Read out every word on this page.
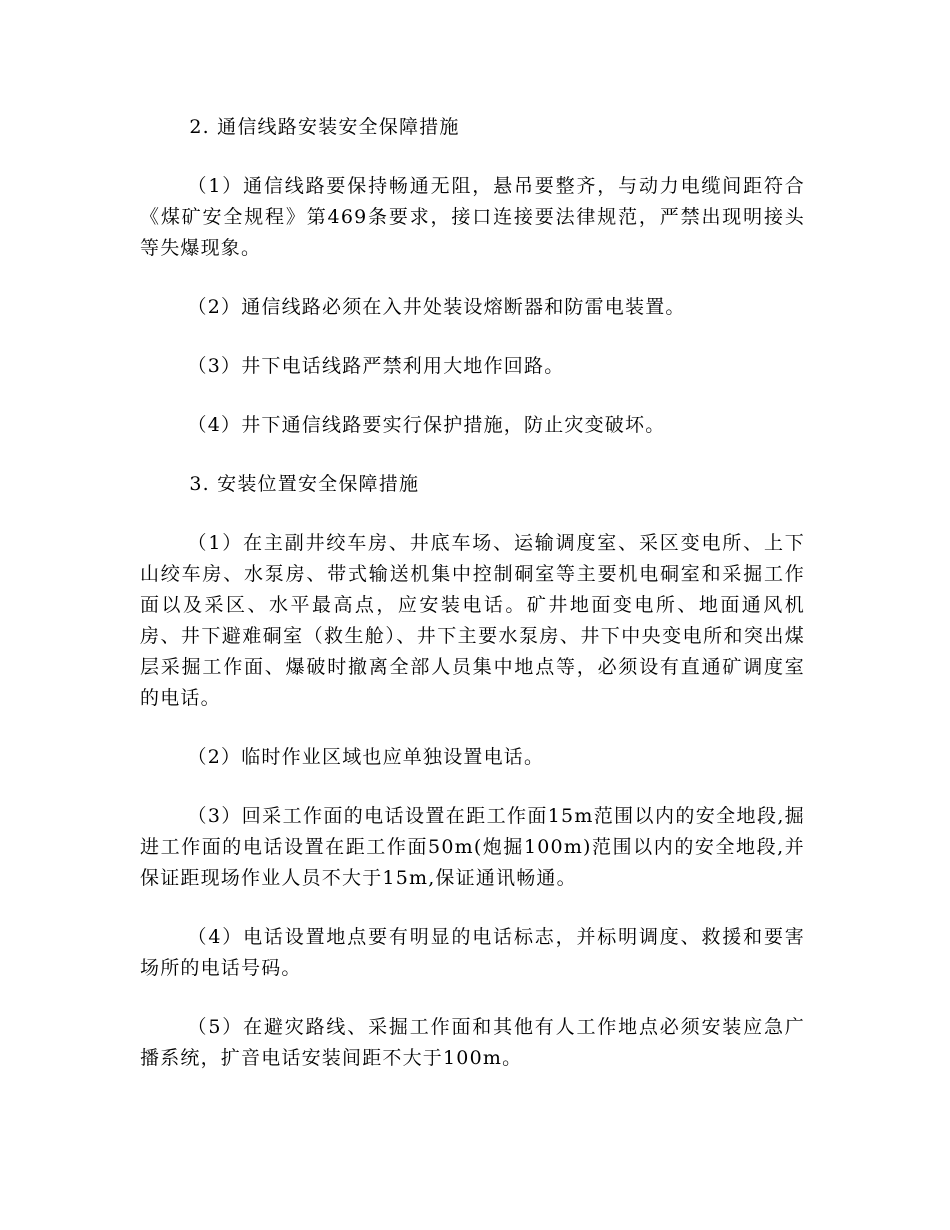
2. 通信线路安装安全保障措施

（1）通信线路要保持畅通无阻，悬吊要整齐，与动力电缆间距符合《煤矿安全规程》第469条要求，接口连接要法律规范，严禁出现明接头等失爆现象。

（2）通信线路必须在入井处装设熔断器和防雷电装置。

（3）井下电话线路严禁利用大地作回路。

（4）井下通信线路要实行保护措施，防止灾变破坏。

3. 安装位置安全保障措施

（1）在主副井绞车房、井底车场、运输调度室、采区变电所、上下山绞车房、水泵房、带式输送机集中控制硐室等主要机电硐室和采掘工作面以及采区、水平最高点，应安装电话。矿井地面变电所、地面通风机房、井下避难硐室（救生舱）、井下主要水泵房、井下中央变电所和突出煤层采掘工作面、爆破时撤离全部人员集中地点等，必须设有直通矿调度室的电话。

（2）临时作业区域也应单独设置电话。

（3）回采工作面的电话设置在距工作面15m范围以内的安全地段,掘进工作面的电话设置在距工作面50m(炮掘100m)范围以内的安全地段,并保证距现场作业人员不大于15m,保证通讯畅通。

（4）电话设置地点要有明显的电话标志，并标明调度、救援和要害场所的电话号码。

（5）在避灾路线、采掘工作面和其他有人工作地点必须安装应急广播系统，扩音电话安装间距不大于100m。
